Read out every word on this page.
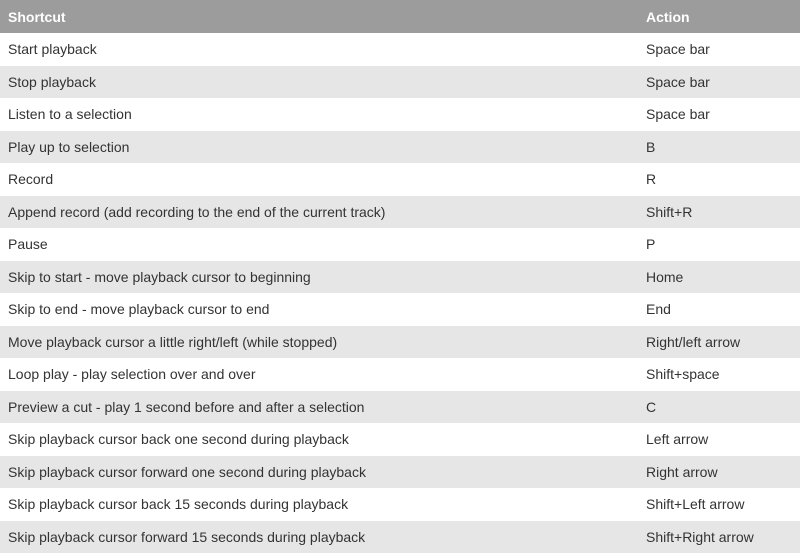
Shortcut	Action
Start playback	Space bar
Stop playback	Space bar
Listen to a selection	Space bar
Play up to selection	B
Record	R
Append record (add recording to the end of the current track)	Shift+R
Pause	P
Skip to start - move playback cursor to beginning	Home
Skip to end - move playback cursor to end	End
Move playback cursor a little right/left (while stopped)	Right/left arrow
Loop play - play selection over and over	Shift+space
Preview a cut - play 1 second before and after a selection	C
Skip playback cursor back one second during playback	Left arrow
Skip playback cursor forward one second during playback	Right arrow
Skip playback cursor back 15 seconds during playback	Shift+Left arrow
Skip playback cursor forward 15 seconds during playback	Shift+Right arrow
